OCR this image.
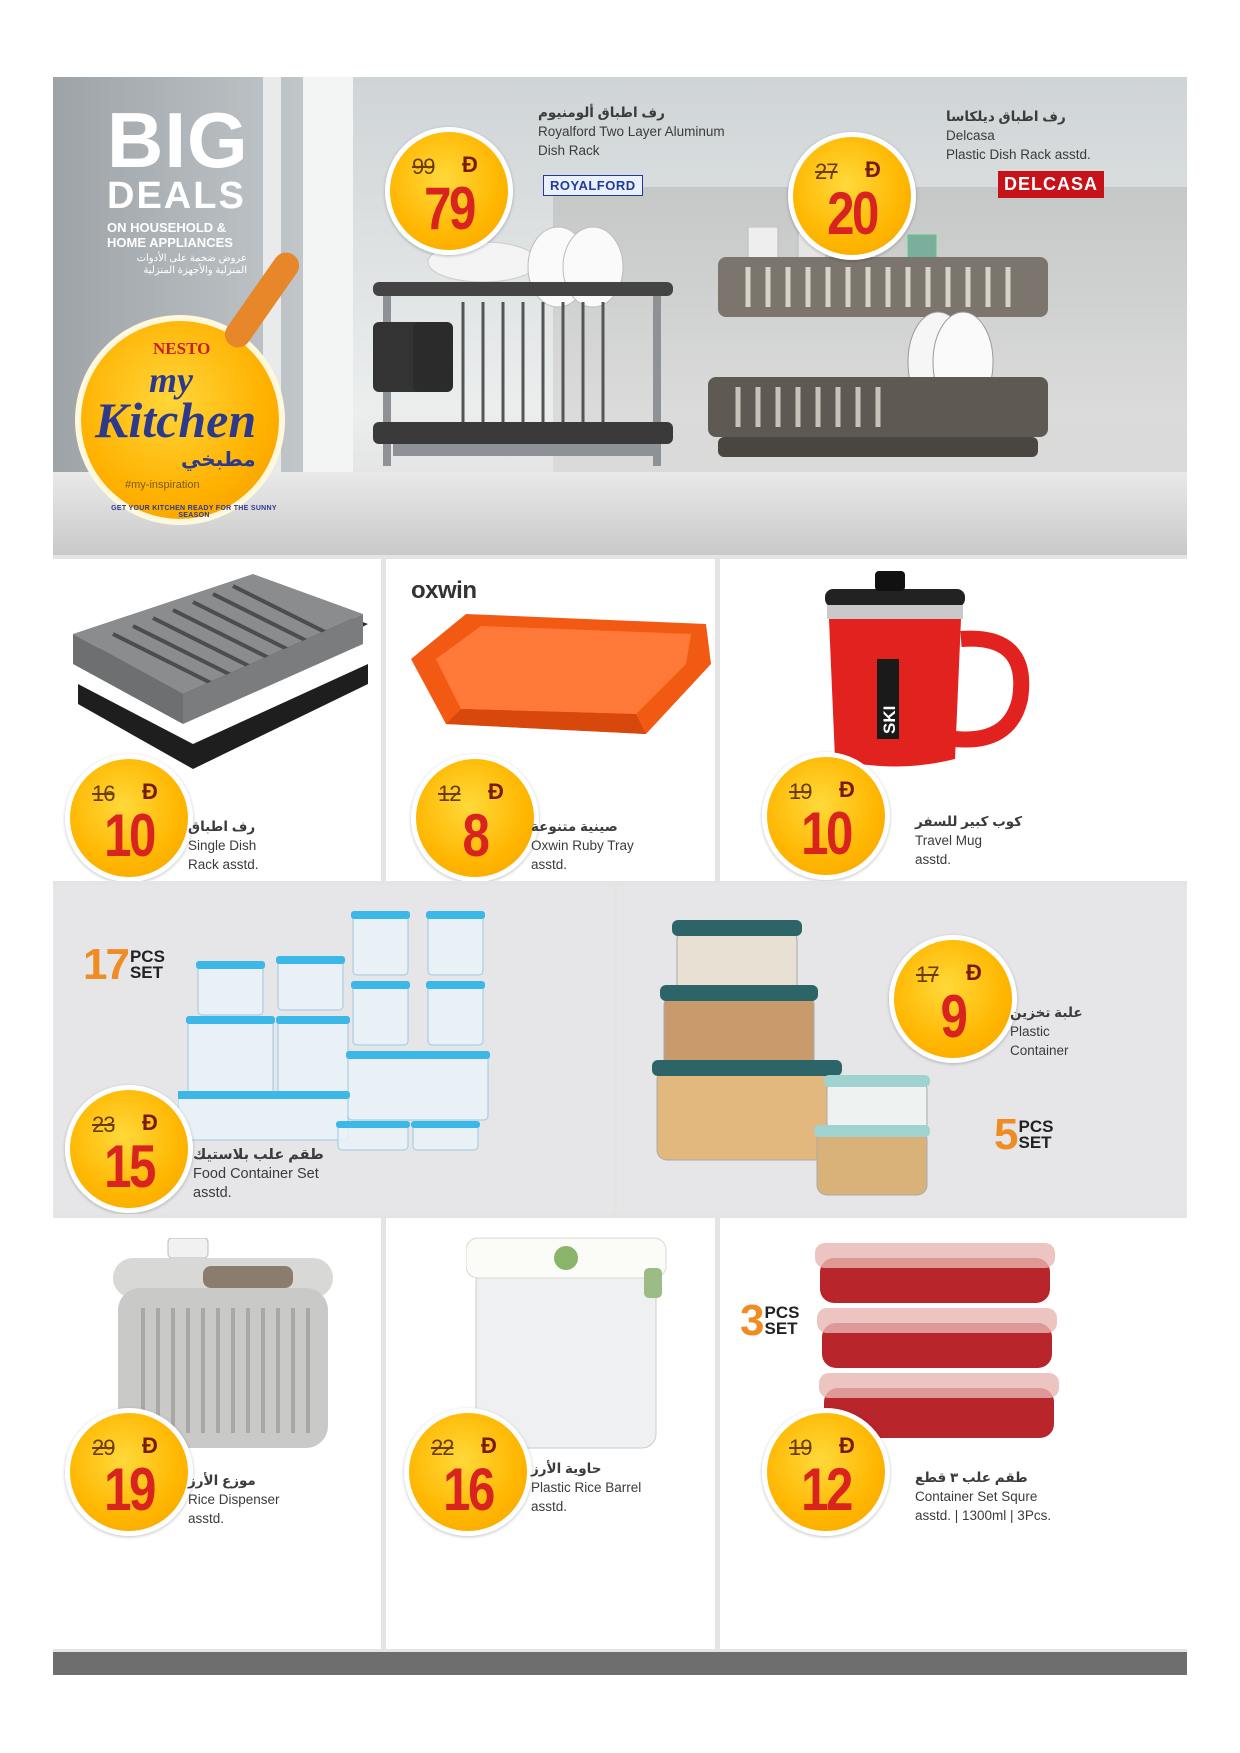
BIG
DEALS
ON HOUSEHOLD & HOME APPLIANCES
عروض ضخمة على الأدوات المنزلية والأجهزة المنزلية
NESTO
my
Kitchen
مطبخي
#my-inspiration
GET YOUR KITCHEN READY FOR THE SUNNY SEASON
99 Đ
79
رف اطباق ألومنيوم
Royalford Two Layer Aluminum
Dish Rack
ROYALFORD
27 Đ
20
رف اطباق ديلكاسا
Delcasa
Plastic Dish Rack asstd.
DELCASA
16 Đ
10	رف اطباق
Single Dish
Rack asstd.
oxwin
12 Đ
8	صينية متنوعة
Oxwin Ruby Tray
asstd.
SKI
19 Đ
10	كوب كبير للسفر
Travel Mug
asstd.
17 PCS SET
23 Đ
15	طقم علب بلاستيك
Food Container Set
asstd.
17 Đ
9	علبة تخزين
Plastic
Container
5 PCS SET
29 Đ
19	موزع الأرز
Rice Dispenser
asstd.
22 Đ
16	حاوية الأرز
Plastic Rice Barrel
asstd.
3 PCS SET
19 Đ
12	طقم علب ٣ قطع
Container Set Squre
asstd. | 1300ml | 3Pcs.
